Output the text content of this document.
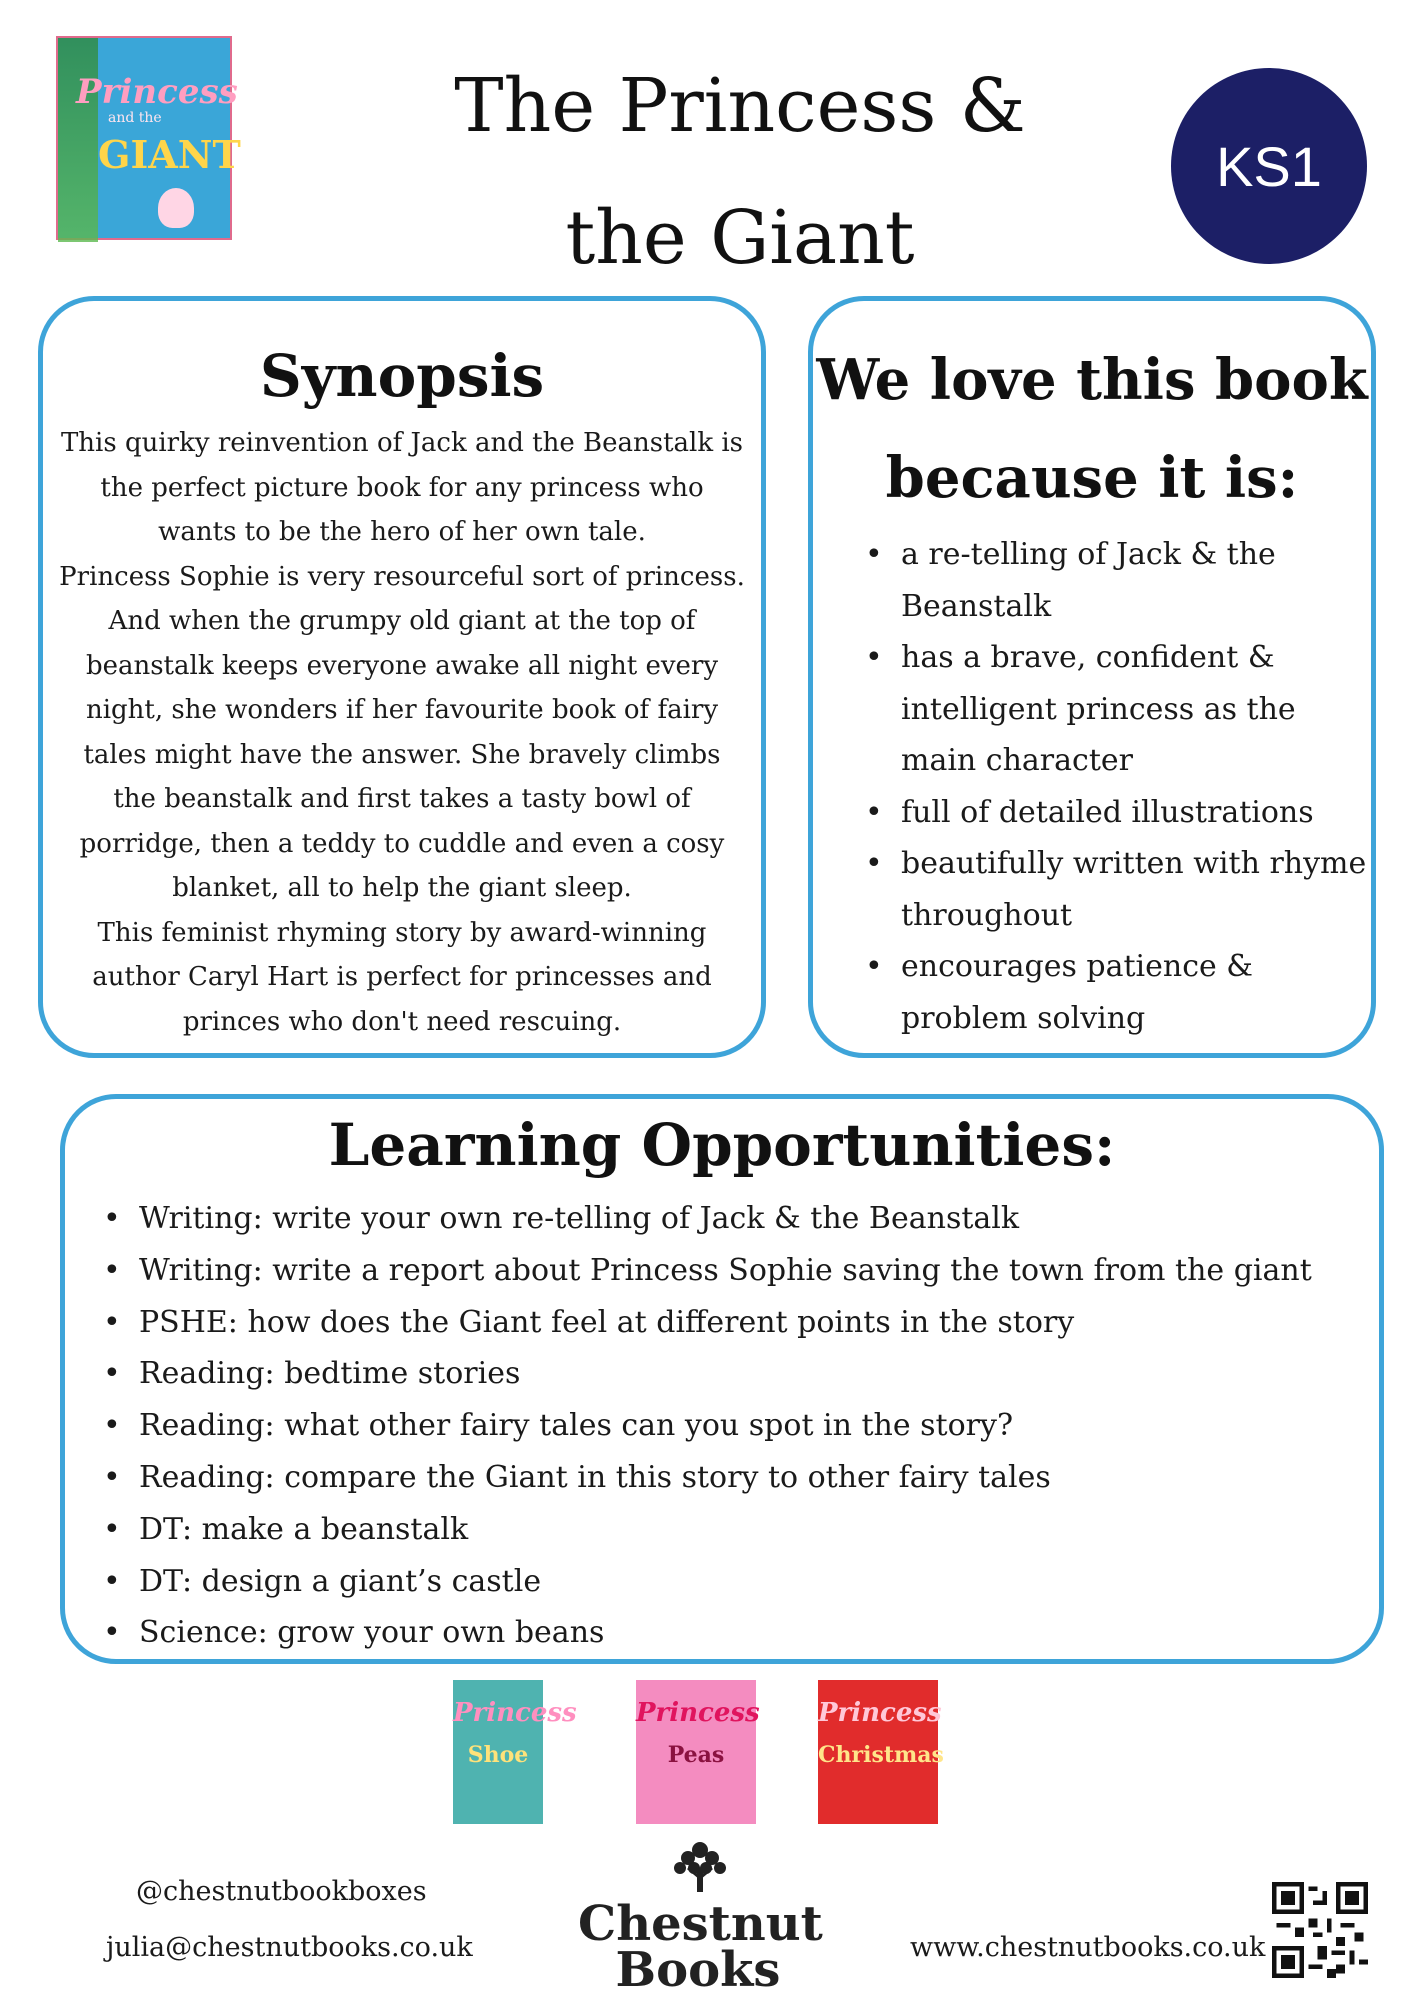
Princess
and the
GIANT
The Princess &
the Giant
KS1
Synopsis

This quirky reinvention of Jack and the Beanstalk is the perfect picture book for any princess who wants to be the hero of her own tale.

Princess Sophie is very resourceful sort of princess. And when the grumpy old giant at the top of beanstalk keeps everyone awake all night every night, she wonders if her favourite book of fairy tales might have the answer. She bravely climbs the beanstalk and first takes a tasty bowl of porridge, then a teddy to cuddle and even a cosy blanket, all to help the giant sleep.

This feminist rhyming story by award-winning author Caryl Hart is perfect for princesses and princes who don't need rescuing.

We love this book because it is:
• a re-telling of Jack & the Beanstalk
• has a brave, confident & intelligent princess as the main character
• full of detailed illustrations
• beautifully written with rhyme throughout
• encourages patience & problem solving
Learning Opportunities:
• Writing: write your own re-telling of Jack & the Beanstalk
• Writing: write a report about Princess Sophie saving the town from the giant
• PSHE: how does the Giant feel at different points in the story
• Reading: bedtime stories
• Reading: what other fairy tales can you spot in the story?
• Reading: compare the Giant in this story to other fairy tales
• DT: make a beanstalk
• DT: design a giant’s castle
• Science: grow your own beans
Princess
Shoe
Princess
Peas
Princess
Christmas
@chestnutbookboxes
julia@chestnutbooks.co.uk	www.chestnutbooks.co.uk
Chestnut
Books
